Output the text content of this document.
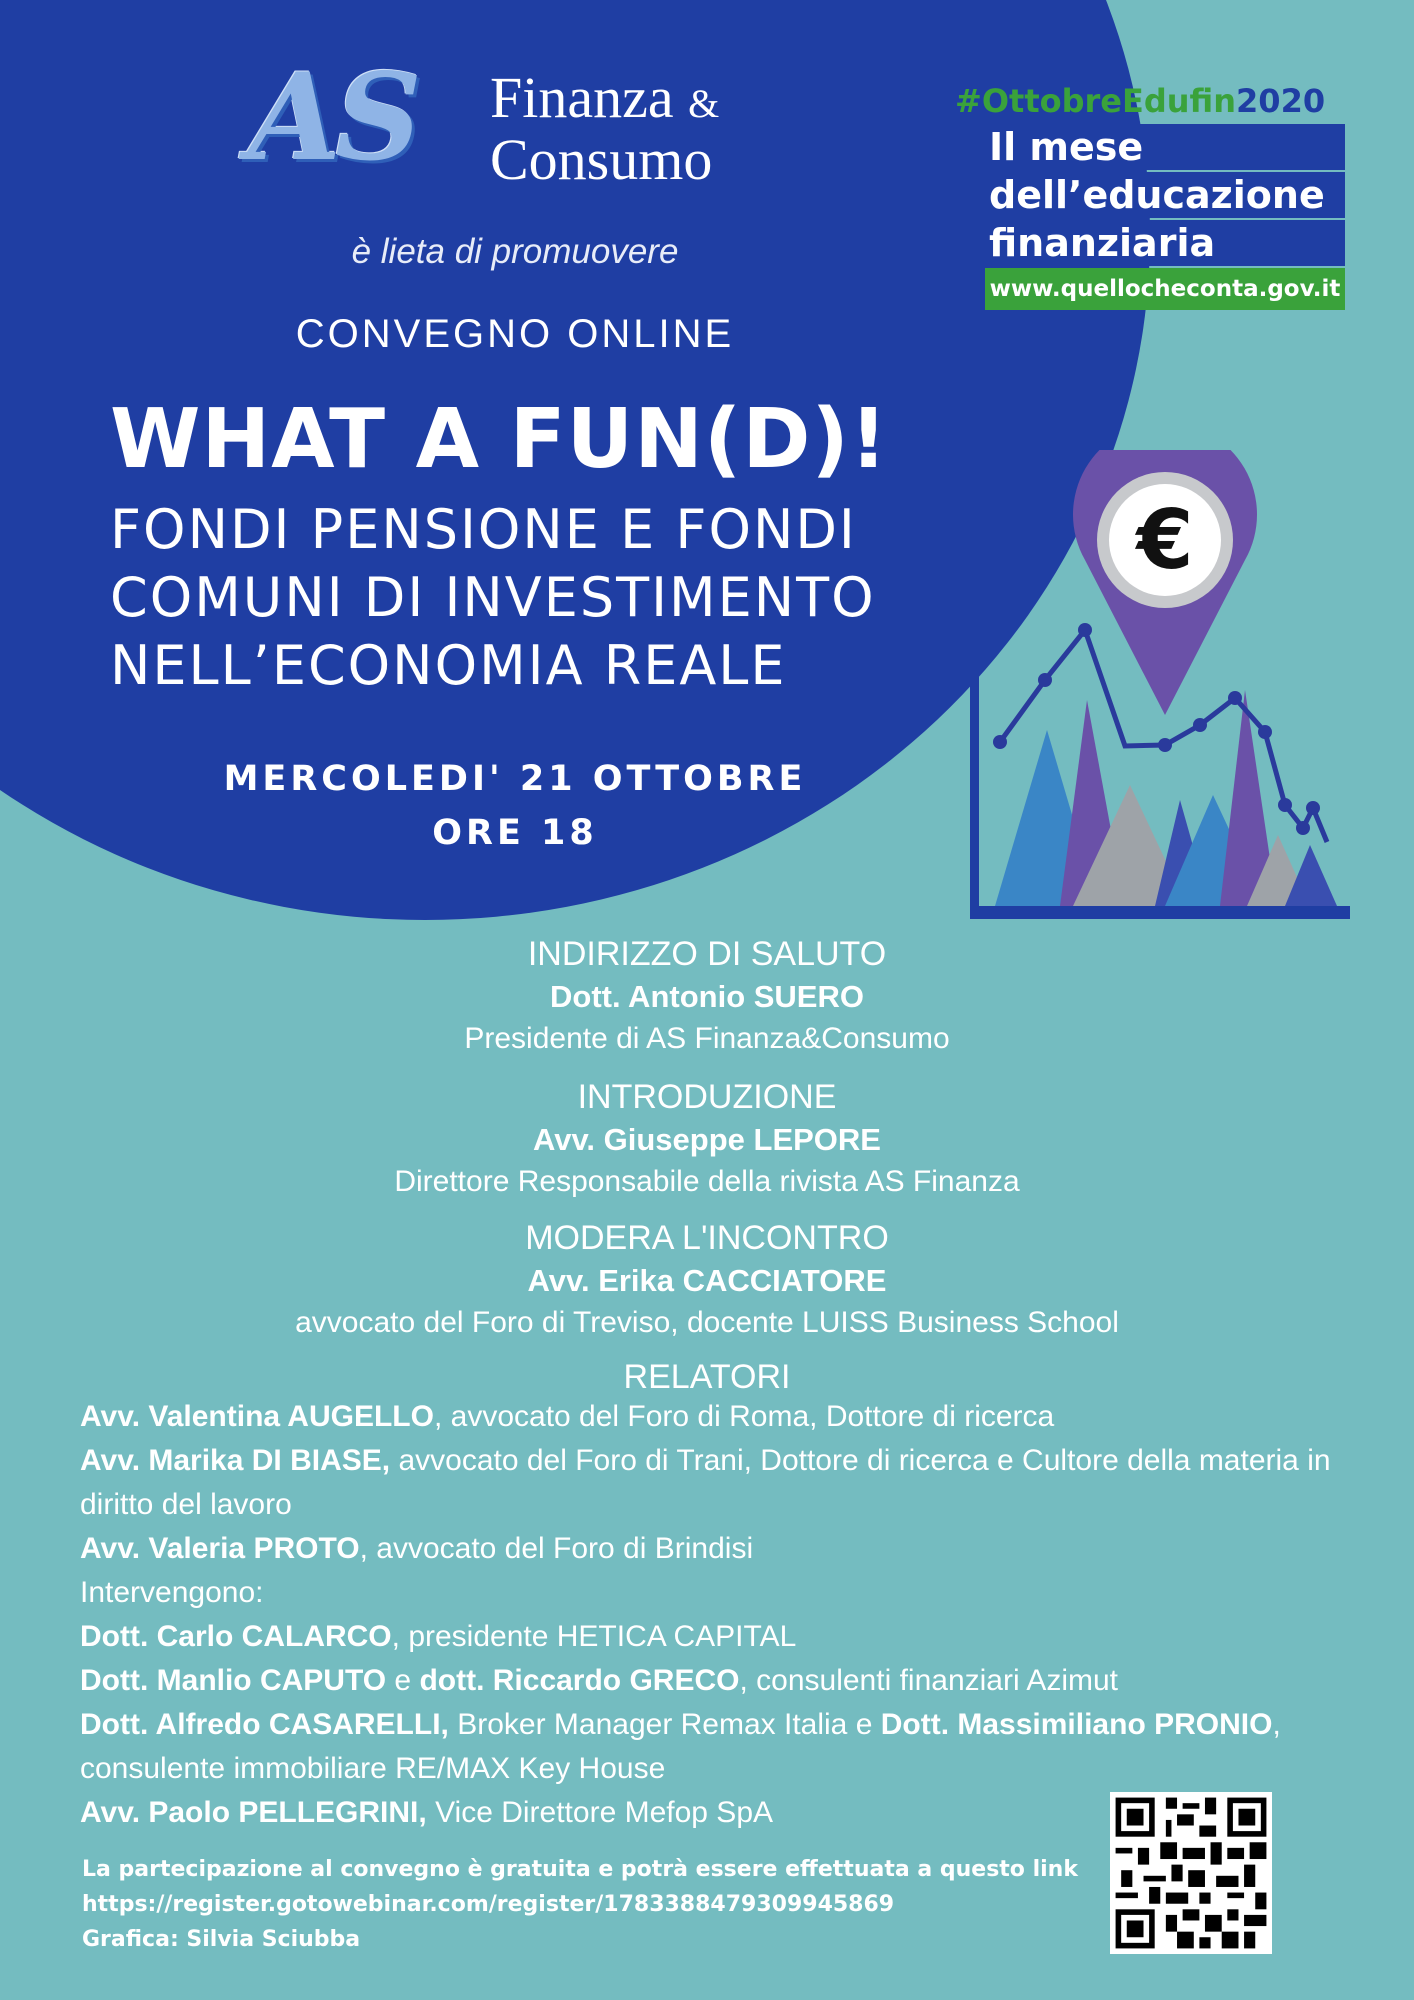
AS Finanza &
Consumo
è lieta di promuovere
CONVEGNO ONLINE
WHAT A FUN(D)!
FONDI PENSIONE E FONDI
COMUNI DI INVESTIMENTO
NELL’ECONOMIA REALE
MERCOLEDI' 21 OTTOBRE
ORE 18
#OttobreEdufin2020
Il mese
dell’educazione
finanziaria
www.quellocheconta.gov.it
€
INDIRIZZO DI SALUTO
Dott. Antonio SUERO
Presidente di AS Finanza&Consumo
INTRODUZIONE
Avv. Giuseppe LEPORE
Direttore Responsabile della rivista AS Finanza
MODERA L'INCONTRO
Avv. Erika CACCIATORE
avvocato del Foro di Treviso, docente LUISS Business School
RELATORI

Avv. Valentina AUGELLO, avvocato del Foro di Roma, Dottore di ricerca

Avv. Marika DI BIASE, avvocato del Foro di Trani, Dottore di ricerca e Cultore della materia in diritto del lavoro

Avv. Valeria PROTO, avvocato del Foro di Brindisi

Intervengono:

Dott. Carlo CALARCO, presidente HETICA CAPITAL

Dott. Manlio CAPUTO e dott. Riccardo GRECO, consulenti finanziari Azimut

Dott. Alfredo CASARELLI, Broker Manager Remax Italia e Dott. Massimiliano PRONIO, consulente immobiliare RE/MAX Key House

Avv. Paolo PELLEGRINI, Vice Direttore Mefop SpA

La partecipazione al convegno è gratuita e potrà essere effettuata a questo link
https://register.gotowebinar.com/register/1783388479309945869
Grafica: Silvia Sciubba
